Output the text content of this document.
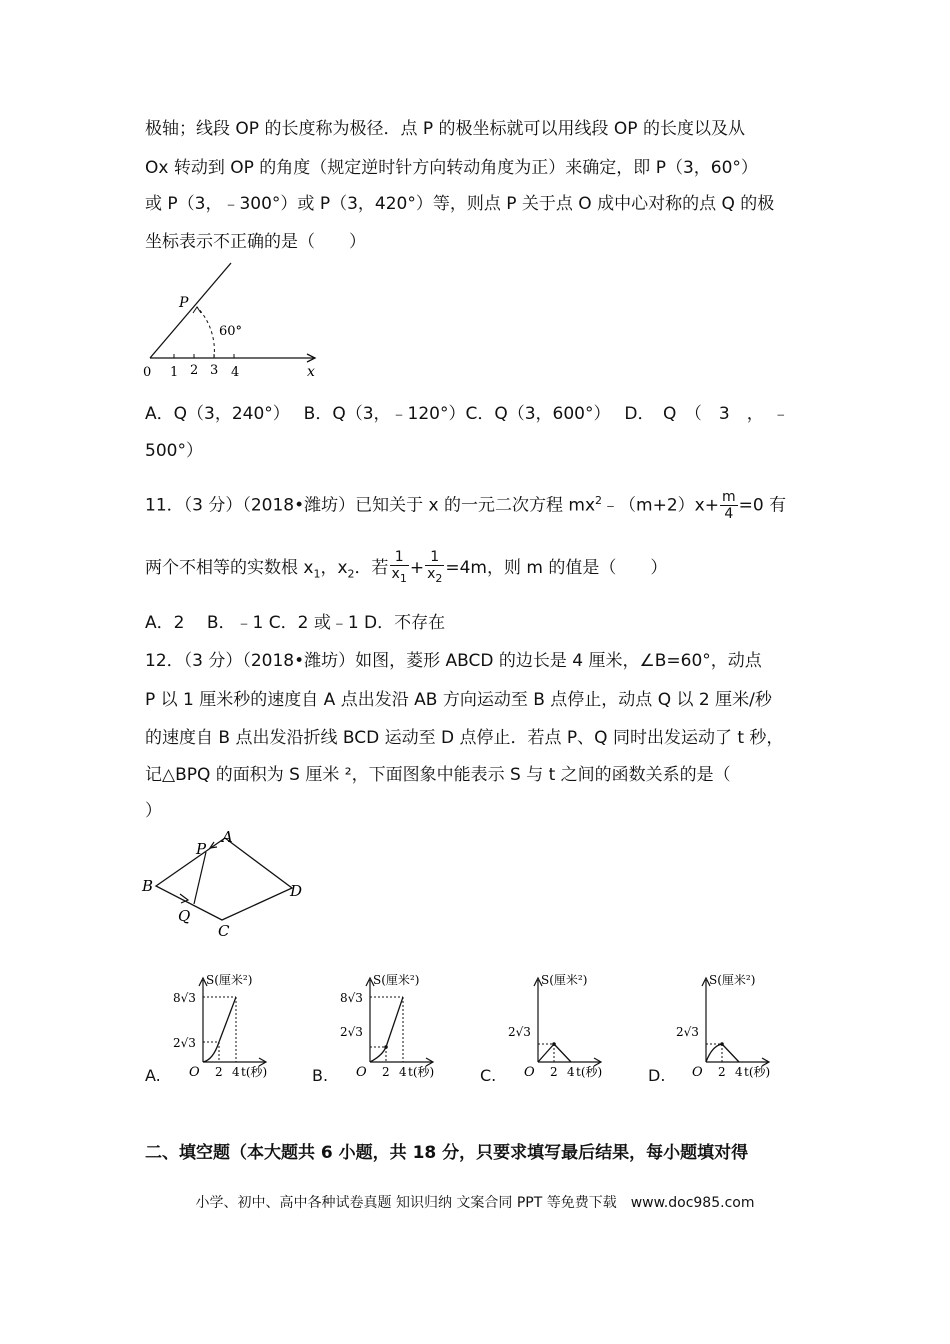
极轴；线段 OP 的长度称为极径．点 P 的极坐标就可以用线段 OP 的长度以及从
Ox 转动到 OP 的角度（规定逆时针方向转动角度为正）来确定，即 P（3，60°）
或 P（3，﹣300°）或 P（3，420°）等，则点 P 关于点 O 成中心对称的点 Q 的极
坐标表示不正确的是（　　）
P
60°
0 1 2 3 4	x
A．Q（3，240°）　 B．Q（3，﹣120°）C．Q（3，600°）　 D．　Q　（　3　，　﹣
500°）
11．（3 分）（2018•潍坊）已知关于 x 的一元二次方程 $mx^2﹣(m+2)x+ \frac{m}{4} =0$ 有
两个不相等的实数根 $x_1$，$x_2$．若 $\frac{1}{x_1} + \frac{1}{x_2} =4m$，则 m 的值是（　　）
A．2　 B．﹣1 C．2 或﹣1 D．不存在
12．（3 分）（2018•潍坊）如图，菱形 ABCD 的边长是 4 厘米，∠B=60°，动点
P 以 1 厘米秒的速度自 A 点出发沿 AB 方向运动至 B 点停止，动点 Q 以 2 厘米/秒
的速度自 B 点出发沿折线 BCD 运动至 D 点停止．若点 P、Q 同时出发运动了 t 秒，
记△BPQ 的面积为 S 厘米 ²，下面图象中能表示 S 与 t 之间的函数关系的是（
）
A
B
C
D
P
Q
A.	B.	C.	D.
S(厘米²)
8√3
2√3
O 2 4 t(秒)
S(厘米²)
8√3
2√3
O 2 4 t(秒)
S(厘米²)
2√3
O 2 4 t(秒)
S(厘米²)
2√3
O 2 4 t(秒)
二、填空题（本大题共 6 小题，共 18 分，只要求填写最后结果，每小题填对得
小学、初中、高中各种试卷真题 知识归纳 文案合同 PPT 等免费下载　www.doc985.com
